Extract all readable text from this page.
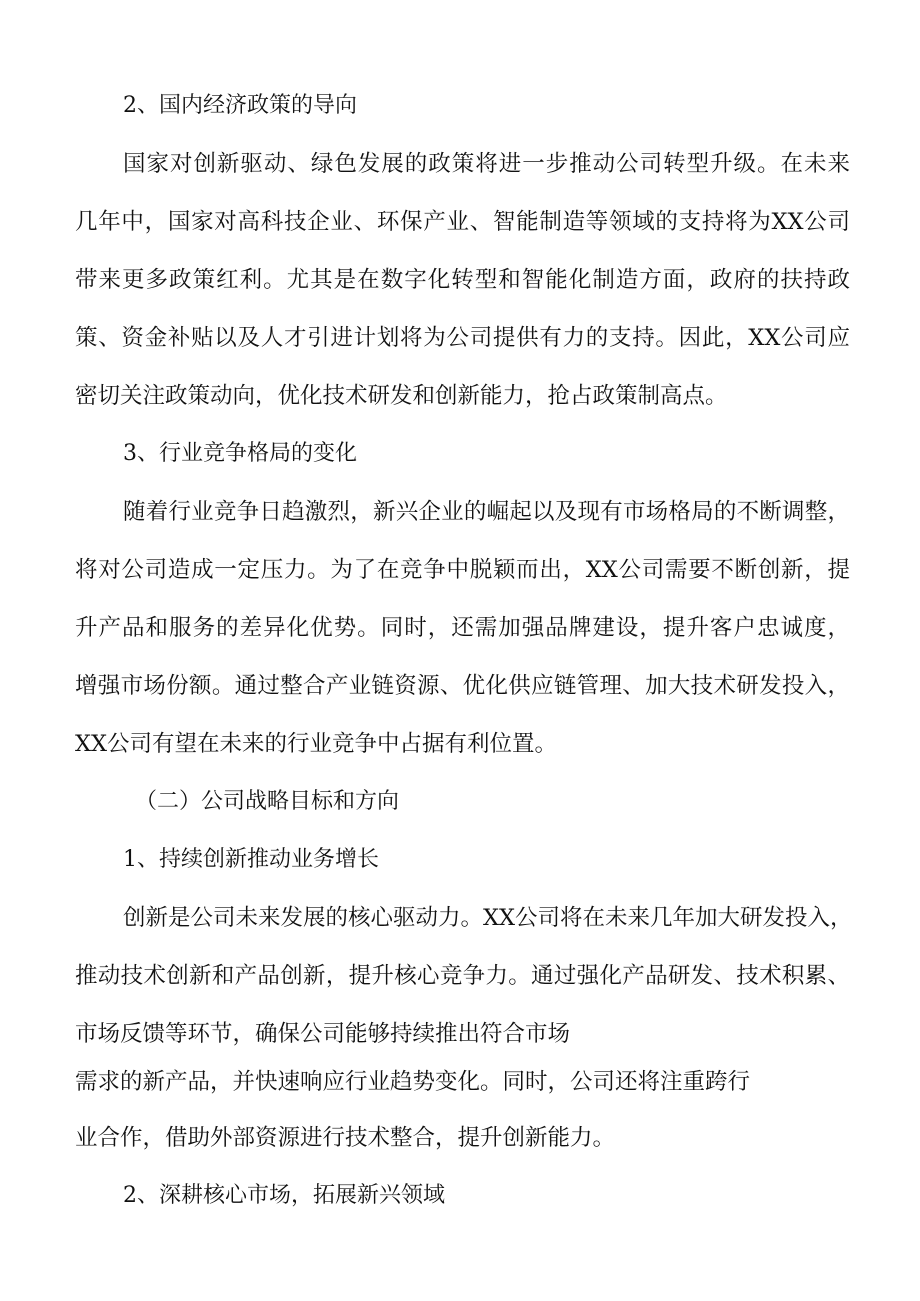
2、国内经济政策的导向
国家对创新驱动、绿色发展的政策将进一步推动公司转型升级。在未来
几年中，国家对高科技企业、环保产业、智能制造等领域的支持将为XX公司
带来更多政策红利。尤其是在数字化转型和智能化制造方面，政府的扶持政
策、资金补贴以及人才引进计划将为公司提供有力的支持。因此，XX公司应
密切关注政策动向，优化技术研发和创新能力，抢占政策制高点。
3、行业竞争格局的变化
随着行业竞争日趋激烈，新兴企业的崛起以及现有市场格局的不断调整，
将对公司造成一定压力。为了在竞争中脱颖而出，XX公司需要不断创新，提
升产品和服务的差异化优势。同时，还需加强品牌建设，提升客户忠诚度，
增强市场份额。通过整合产业链资源、优化供应链管理、加大技术研发投入，
XX公司有望在未来的行业竞争中占据有利位置。
（二）公司战略目标和方向
1、持续创新推动业务增长
创新是公司未来发展的核心驱动力。XX公司将在未来几年加大研发投入，
推动技术创新和产品创新，提升核心竞争力。通过强化产品研发、技术积累、
市场反馈等环节，确保公司能够持续推出符合市场
需求的新产品，并快速响应行业趋势变化。同时，公司还将注重跨行
业合作，借助外部资源进行技术整合，提升创新能力。
2、深耕核心市场，拓展新兴领域
